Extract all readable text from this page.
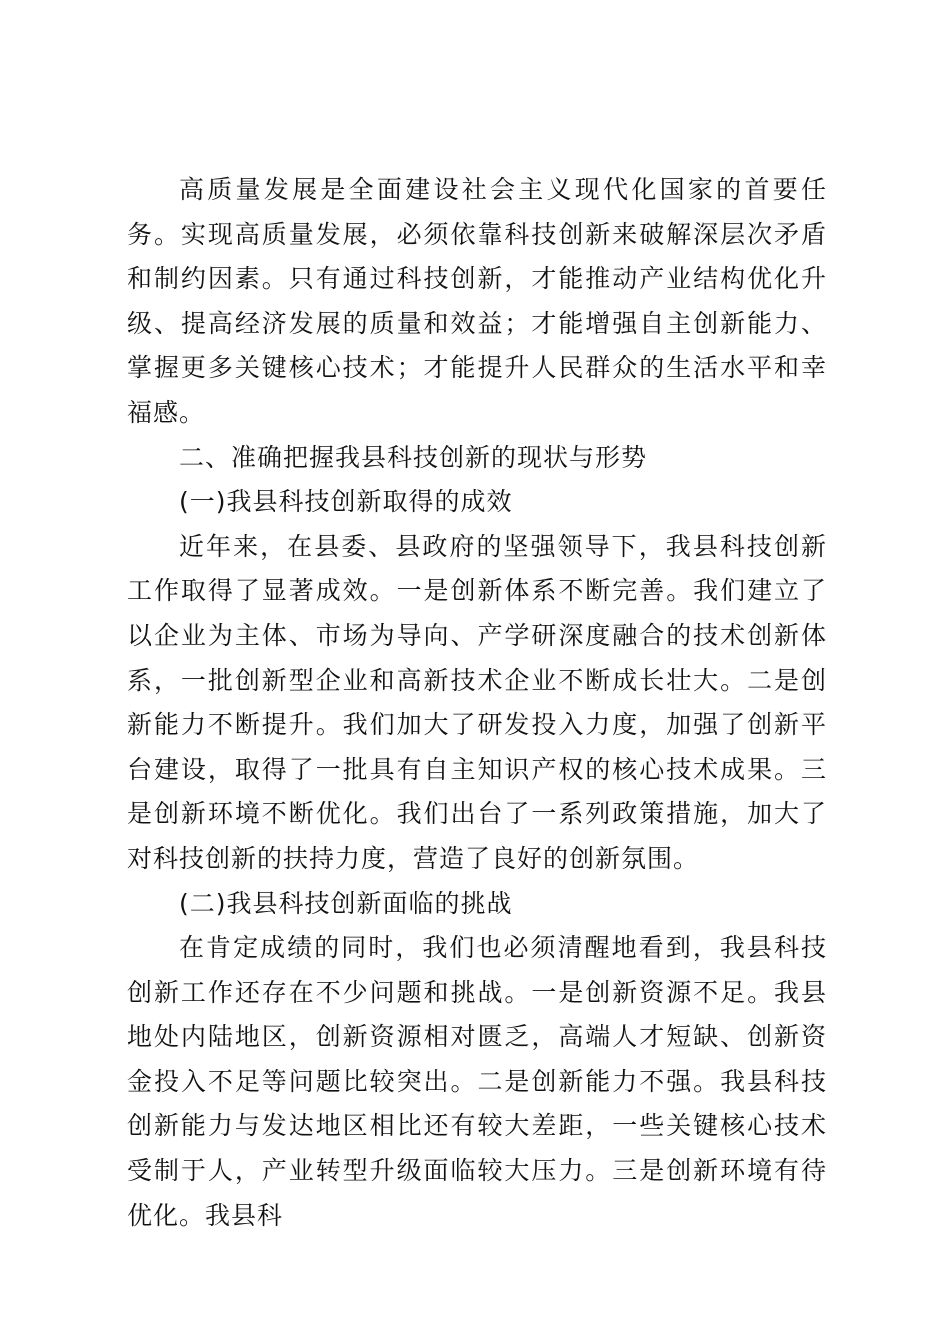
高质量发展是全面建设社会主义现代化国家的首要任务。实现高质量发展，必须依靠科技创新来破解深层次矛盾和制约因素。只有通过科技创新，才能推动产业结构优化升级、提高经济发展的质量和效益；才能增强自主创新能力、掌握更多关键核心技术；才能提升人民群众的生活水平和幸福感。

二、准确把握我县科技创新的现状与形势

(一)我县科技创新取得的成效

近年来，在县委、县政府的坚强领导下，我县科技创新工作取得了显著成效。一是创新体系不断完善。我们建立了以企业为主体、市场为导向、产学研深度融合的技术创新体系，一批创新型企业和高新技术企业不断成长壮大。二是创新能力不断提升。我们加大了研发投入力度，加强了创新平台建设，取得了一批具有自主知识产权的核心技术成果。三是创新环境不断优化。我们出台了一系列政策措施，加大了对科技创新的扶持力度，营造了良好的创新氛围。

(二)我县科技创新面临的挑战

在肯定成绩的同时，我们也必须清醒地看到，我县科技创新工作还存在不少问题和挑战。一是创新资源不足。我县地处内陆地区，创新资源相对匮乏，高端人才短缺、创新资金投入不足等问题比较突出。二是创新能力不强。我县科技创新能力与发达地区相比还有较大差距，一些关键核心技术受制于人，产业转型升级面临较大压力。三是创新环境有待优化。我县科
